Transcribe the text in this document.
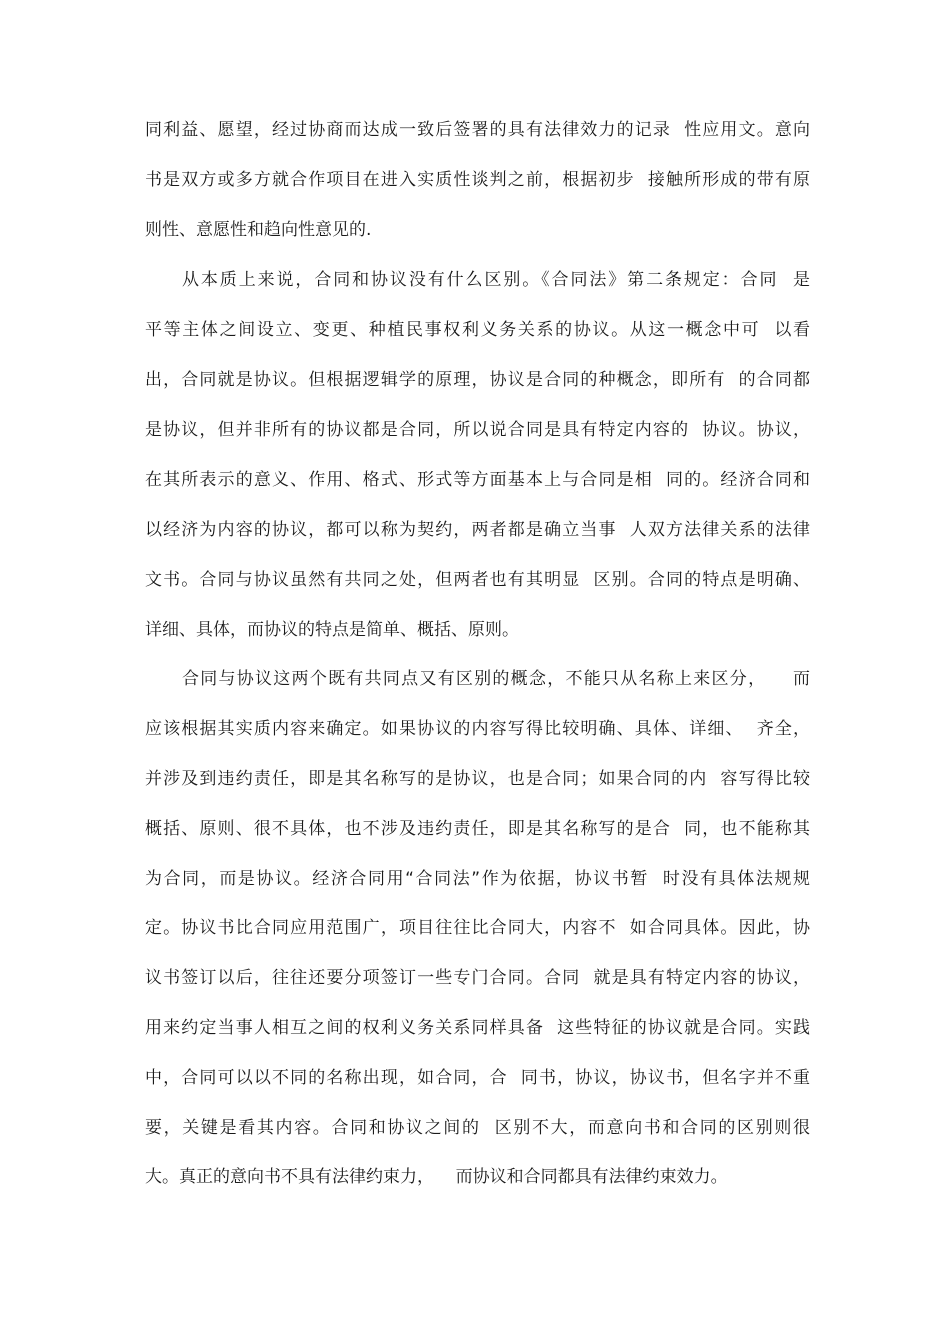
同利益、愿望，经过协商而达成一致后签署的具有法律效力的记录  性应用文。意向
书是双方或多方就合作项目在进入实质性谈判之前，根据初步  接触所形成的带有原
则性、意愿性和趋向性意见的.
从本质上来说，合同和协议没有什么区别。《合同法》第二条规定：合同  是
平等主体之间设立、变更、种植民事权利义务关系的协议。从这一概念中可  以看
出，合同就是协议。但根据逻辑学的原理，协议是合同的种概念，即所有  的合同都
是协议，但并非所有的协议都是合同，所以说合同是具有特定内容的  协议。协议，
在其所表示的意义、作用、格式、形式等方面基本上与合同是相  同的。经济合同和
以经济为内容的协议，都可以称为契约，两者都是确立当事  人双方法律关系的法律
文书。合同与协议虽然有共同之处，但两者也有其明显  区别。合同的特点是明确、
详细、具体，而协议的特点是简单、概括、原则。
合同与协议这两个既有共同点又有区别的概念，不能只从名称上来区分，    而
应该根据其实质内容来确定。如果协议的内容写得比较明确、具体、详细、  齐全，
并涉及到违约责任，即是其名称写的是协议，也是合同；如果合同的内  容写得比较
概括、原则、很不具体，也不涉及违约责任，即是其名称写的是合  同，也不能称其
为合同，而是协议。经济合同用“合同法”作为依据，协议书暂  时没有具体法规规
定。协议书比合同应用范围广，项目往往比合同大，内容不  如合同具体。因此，协
议书签订以后，往往还要分项签订一些专门合同。合同  就是具有特定内容的协议，
用来约定当事人相互之间的权利义务关系同样具备  这些特征的协议就是合同。实践
中，合同可以以不同的名称出现，如合同，合  同书，协议，协议书，但名字并不重
要，关键是看其内容。合同和协议之间的  区别不大，而意向书和合同的区别则很
大。真正的意向书不具有法律约束力，    而协议和合同都具有法律约束效力。
